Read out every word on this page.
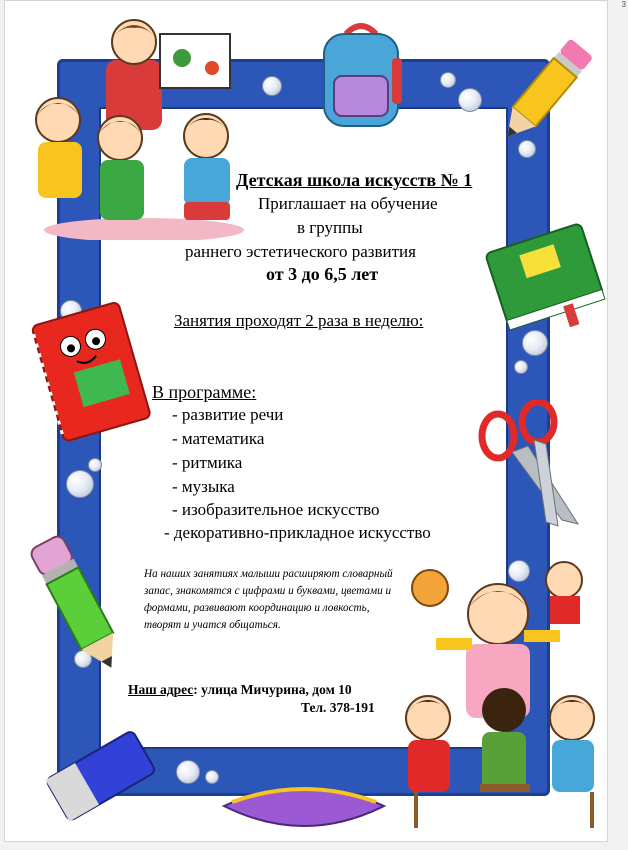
3
Детская школа искусств № 1
Приглашает на обучение
в группы
раннего эстетического развития
от 3 до 6,5 лет
Занятия проходят 2 раза в неделю:
В программе:
- развитие речи
- математика
- ритмика
- музыка
- изобразительное искусство
- декоративно-прикладное искусство
На наших занятиях малыши расширяют словарный запас, знакомятся с цифрами и буквами, цветами и формами, развивают координацию и ловкость, творят и учатся общаться.
Наш адрес: улица Мичурина, дом 10
Тел. 378-191
